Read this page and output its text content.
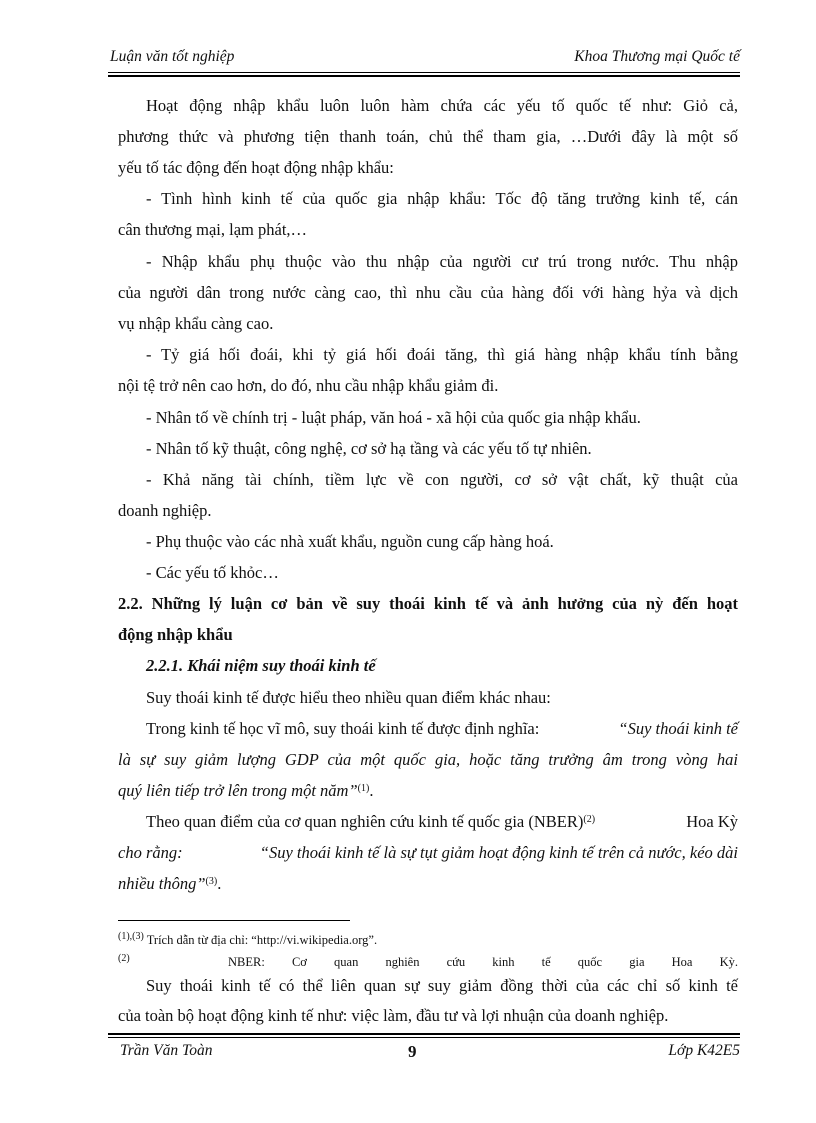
Luận văn tốt nghiệp	Khoa Thương mại Quốc tế
Hoạt động nhập khẩu luôn luôn hàm chứa các yếu tố quốc tế như: Giỏ cả,
phương thức và phương tiện thanh toán, chủ thể tham gia, …Dưới đây là một số
yếu tố tác động đến hoạt động nhập khẩu:
- Tình hình kinh tế của quốc gia nhập khẩu: Tốc độ tăng trưởng kinh tế, cán
cân thương mại, lạm phát,…
- Nhập khẩu phụ thuộc vào thu nhập của người cư trú trong nước. Thu nhập
của người dân trong nước càng cao, thì nhu cầu của hàng đối với hàng hỷa và dịch
vụ nhập khẩu càng cao.
- Tỷ giá hối đoái, khi tỷ giá hối đoái tăng, thì giá hàng nhập khẩu tính bằng
nội tệ trở nên cao hơn, do đó, nhu cầu nhập khẩu giảm đi.
- Nhân tố về chính trị - luật pháp, văn hoá - xã hội của quốc gia nhập khẩu.
- Nhân tố kỹ thuật, công nghệ, cơ sở hạ tầng và các yếu tố tự nhiên.
- Khả năng tài chính, tiềm lực về con người, cơ sở vật chất, kỹ thuật của
doanh nghiệp.
- Phụ thuộc vào các nhà xuất khẩu, nguồn cung cấp hàng hoá.
- Các yếu tố khỏc…
2.2. Những lý luận cơ bản về suy thoái kinh tế và ảnh hưởng của nỳ đến hoạt
động nhập khẩu
2.2.1. Khái niệm suy thoái kinh tế
Suy thoái kinh tế được hiểu theo nhiều quan điểm khác nhau:
Trong kinh tế học vĩ mô, suy thoái kinh tế được định nghĩa:	“Suy thoái kinh tế
là sự suy giảm lượng GDP của một quốc gia, hoặc tăng trưởng âm trong vòng hai
quý liên tiếp trở lên trong một năm”$^{(1)}$.
Theo quan điểm của cơ quan nghiên cứu kinh tế quốc gia (NBER)$^{(2)}$	Hoa Kỳ
cho rằng:	“Suy thoái kinh tế là sự tụt giảm hoạt động kinh tế trên cả nước, kéo dài
nhiều thông”$^{(3)}$.
$^{(1),(3)}$ Trích dẫn từ địa chỉ: “http://vi.wikipedia.org”.
(2)	NBER: Cơ quan nghiên cứu kinh tế quốc gia Hoa Kỳ.
Suy thoái kinh tế có thể liên quan sự suy giảm đồng thời của các chỉ số kinh tế
của toàn bộ hoạt động kinh tế như: việc làm, đầu tư và lợi nhuận của doanh nghiệp.
Trần Văn Toàn	9	Lớp K42E5
